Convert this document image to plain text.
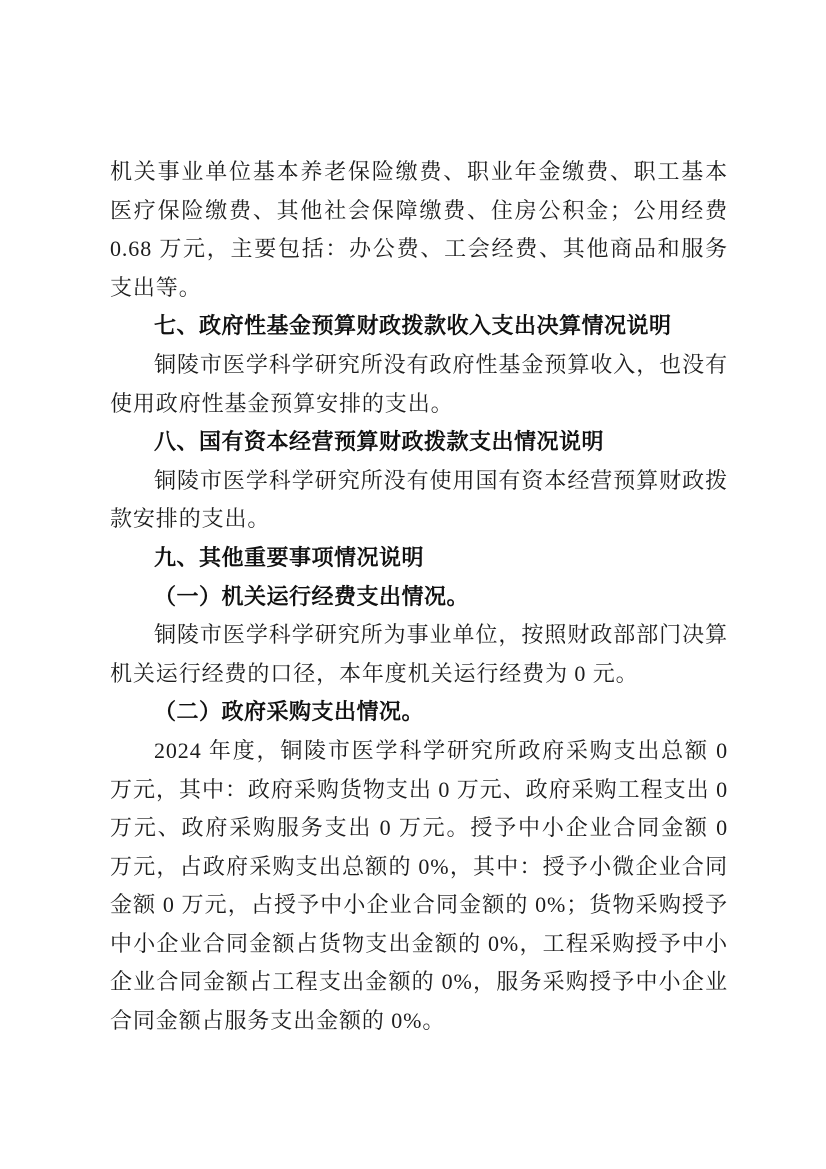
机关事业单位基本养老保险缴费、职业年金缴费、职工基本医疗保险缴费、其他社会保障缴费、住房公积金；公用经费 0.68 万元，主要包括：办公费、工会经费、其他商品和服务支出等。

七、政府性基金预算财政拨款收入支出决算情况说明

铜陵市医学科学研究所没有政府性基金预算收入，也没有使用政府性基金预算安排的支出。

八、国有资本经营预算财政拨款支出情况说明

铜陵市医学科学研究所没有使用国有资本经营预算财政拨款安排的支出。

九、其他重要事项情况说明
（一）机关运行经费支出情况。

铜陵市医学科学研究所为事业单位，按照财政部部门决算机关运行经费的口径，本年度机关运行经费为 0 元。

（二）政府采购支出情况。

2024 年度，铜陵市医学科学研究所政府采购支出总额 0 万元，其中：政府采购货物支出 0 万元、政府采购工程支出 0 万元、政府采购服务支出 0 万元。授予中小企业合同金额 0 万元，占政府采购支出总额的 0%，其中：授予小微企业合同金额 0 万元，占授予中小企业合同金额的 0%；货物采购授予中小企业合同金额占货物支出金额的 0%，工程采购授予中小企业合同金额占工程支出金额的 0%，服务采购授予中小企业合同金额占服务支出金额的 0%。
